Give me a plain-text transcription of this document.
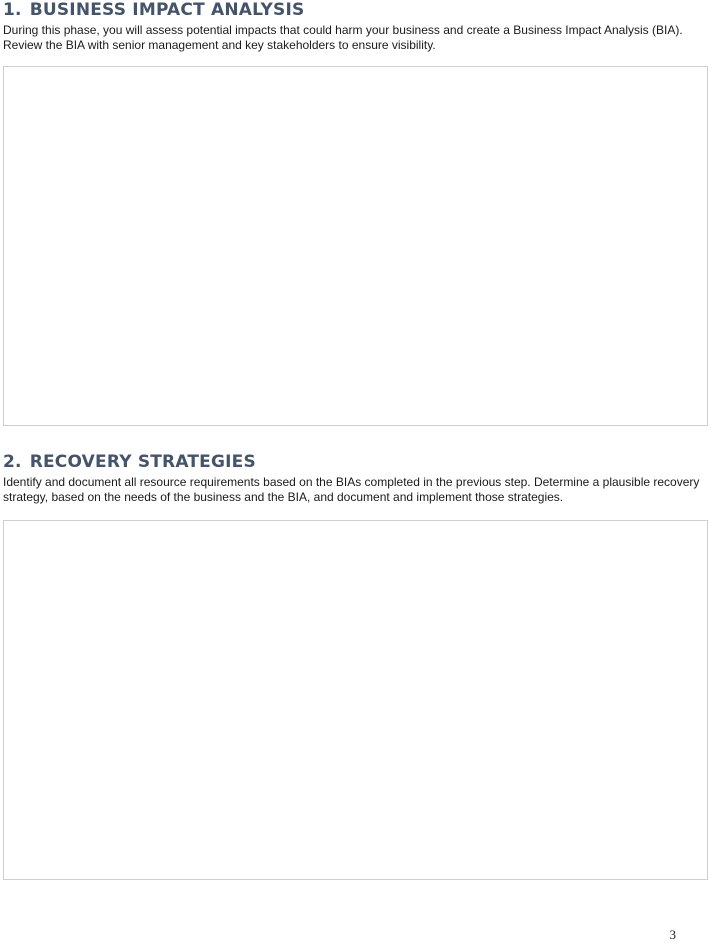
1. BUSINESS IMPACT ANALYSIS

During this phase, you will assess potential impacts that could harm your business and create a Business Impact Analysis (BIA). Review the BIA with senior management and key stakeholders to ensure visibility.

2. RECOVERY STRATEGIES

Identify and document all resource requirements based on the BIAs completed in the previous step. Determine a plausible recovery strategy, based on the needs of the business and the BIA, and document and implement those strategies.

3
